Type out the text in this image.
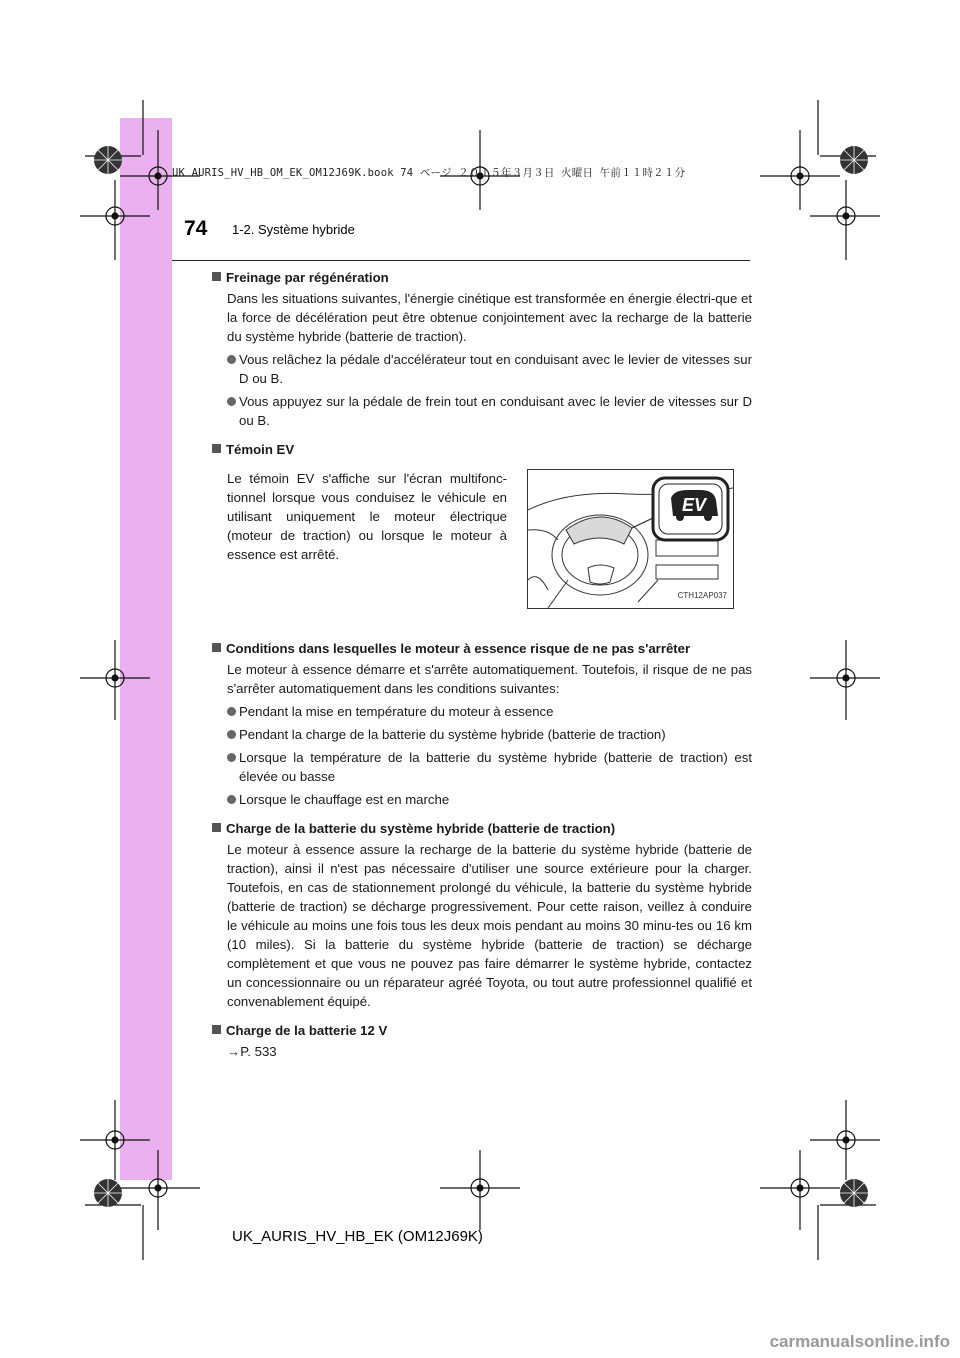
UK AURIS_HV_HB_OM_EK_OM12J69K.book 74 ページ ２０１５年３月３日 火曜日 午前１１時２１分
74 1-2. Système hybride
Freinage par régénération
Dans les situations suivantes, l'énergie cinétique est transformée en énergie électri-que et la force de décélération peut être obtenue conjointement avec la recharge de la batterie du système hybride (batterie de traction).
Vous relâchez la pédale d'accélérateur tout en conduisant avec le levier de vitesses sur D ou B.
Vous appuyez sur la pédale de frein tout en conduisant avec le levier de vitesses sur D ou B.
Témoin EV
Le témoin EV s'affiche sur l'écran multifonc-tionnel lorsque vous conduisez le véhicule en utilisant uniquement le moteur électrique (moteur de traction) ou lorsque le moteur à essence est arrêté.
EV
CTH12AP037
Conditions dans lesquelles le moteur à essence risque de ne pas s'arrêter
Le moteur à essence démarre et s'arrête automatiquement. Toutefois, il risque de ne pas s'arrêter automatiquement dans les conditions suivantes:
Pendant la mise en température du moteur à essence
Pendant la charge de la batterie du système hybride (batterie de traction)
Lorsque la température de la batterie du système hybride (batterie de traction) est élevée ou basse
Lorsque le chauffage est en marche
Charge de la batterie du système hybride (batterie de traction)
Le moteur à essence assure la recharge de la batterie du système hybride (batterie de traction), ainsi il n'est pas nécessaire d'utiliser une source extérieure pour la charger. Toutefois, en cas de stationnement prolongé du véhicule, la batterie du système hybride (batterie de traction) se décharge progressivement. Pour cette raison, veillez à conduire le véhicule au moins une fois tous les deux mois pendant au moins 30 minu-tes ou 16 km (10 miles). Si la batterie du système hybride (batterie de traction) se décharge complètement et que vous ne pouvez pas faire démarrer le système hybride, contactez un concessionnaire ou un réparateur agréé Toyota, ou tout autre professionnel qualifié et convenablement équipé.
Charge de la batterie 12 V
→P. 533
UK_AURIS_HV_HB_EK (OM12J69K)
carmanualsonline.info
